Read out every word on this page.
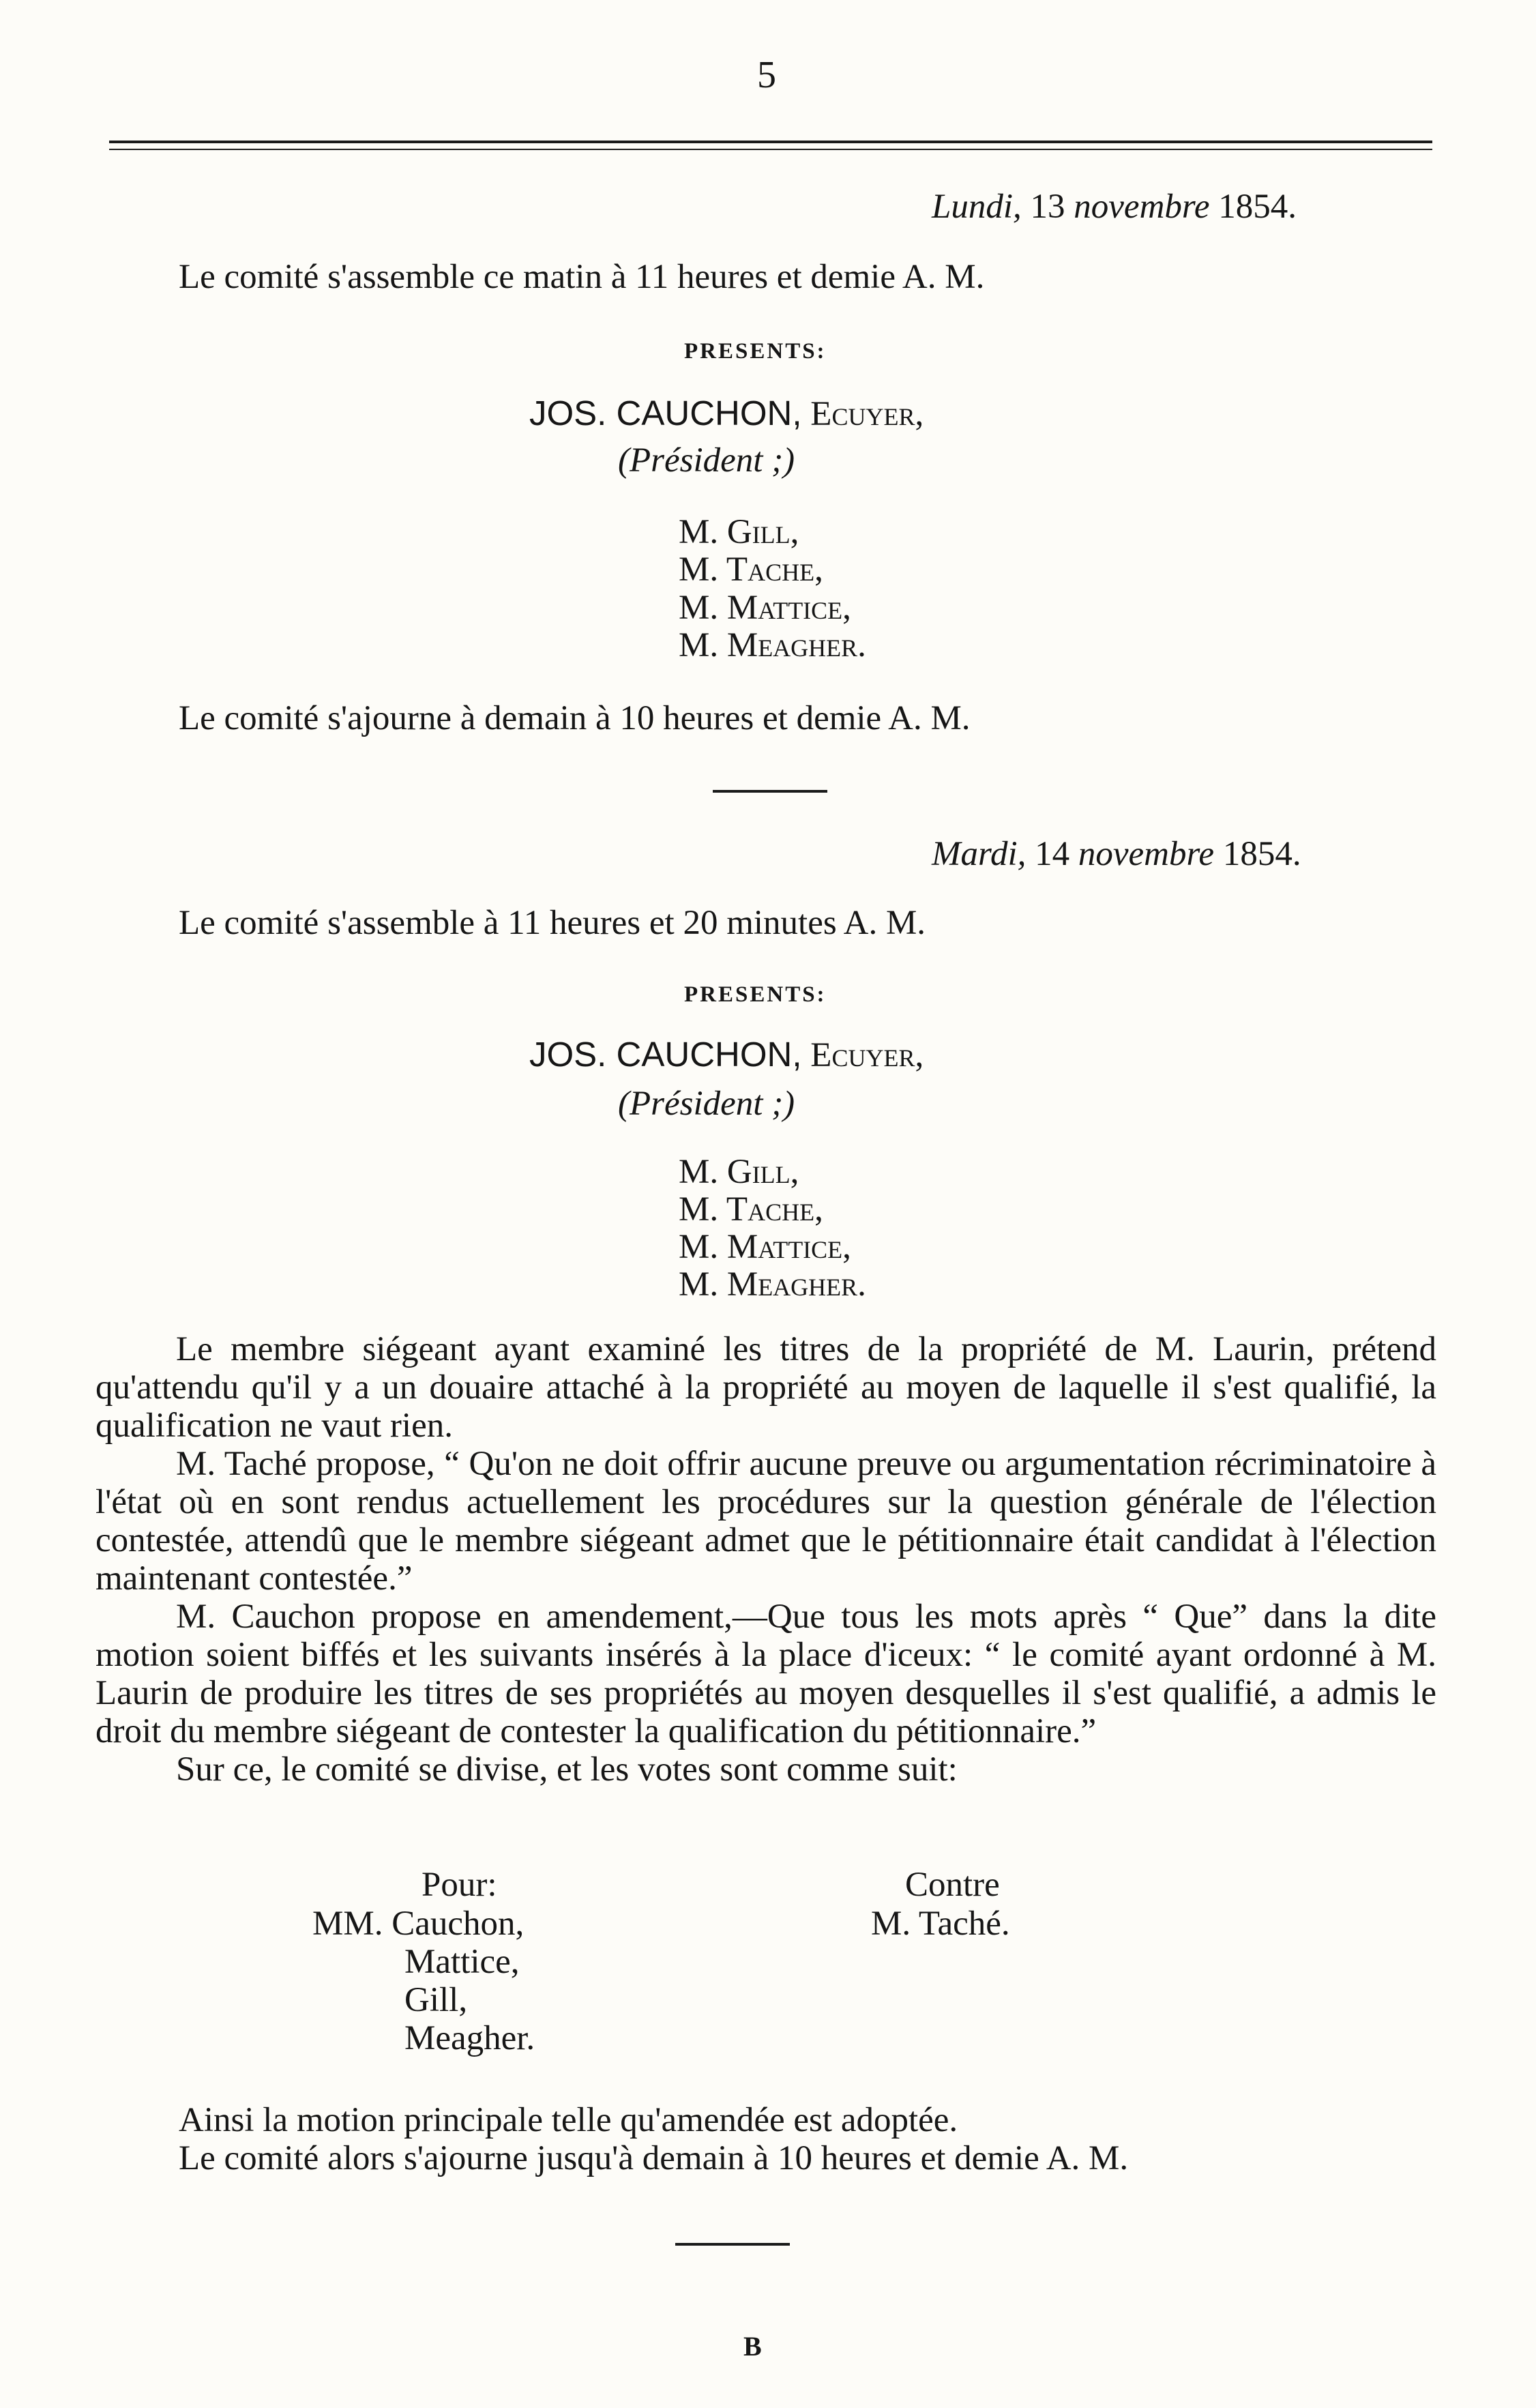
5
Lundi, 13 novembre 1854.
Le comité s'assemble ce matin à 11 heures et demie A. M.
PRESENTS:
JOS. CAUCHON, Ecuyer,
(Président ;)
M. Gill,
M. Tache,
M. Mattice,
M. Meagher.
Le comité s'ajourne à demain à 10 heures et demie A. M.
Mardi, 14 novembre 1854.
Le comité s'assemble à 11 heures et 20 minutes A. M.
PRESENTS:
JOS. CAUCHON, Ecuyer,
(Président ;)
M. Gill,
M. Tache,
M. Mattice,
M. Meagher.

Le membre siégeant ayant examiné les titres de la propriété de M. Laurin, prétend qu'attendu qu'il y a un douaire attaché à la propriété au moyen de laquelle il s'est qualifié, la qualification ne vaut rien.

M. Taché propose, “ Qu'on ne doit offrir aucune preuve ou argumentation récriminatoire à l'état où en sont rendus actuellement les procédures sur la question générale de l'élection contestée, attendû que le membre siégeant admet que le pétitionnaire était candidat à l'élection maintenant contestée.”

M. Cauchon propose en amendement,—Que tous les mots après “ Que” dans la dite motion soient biffés et les suivants insérés à la place d'iceux: “ le comité ayant ordonné à M. Laurin de produire les titres de ses propriétés au moyen desquelles il s'est qualifié, a admis le droit du membre siégeant de contester la qualification du pétitionnaire.”

Sur ce, le comité se divise, et les votes sont comme suit:

Pour:
MM. Cauchon,
Mattice,
Gill,
Meagher.
Contre
M. Taché.
Ainsi la motion principale telle qu'amendée est adoptée.
Le comité alors s'ajourne jusqu'à demain à 10 heures et demie A. M.
B
